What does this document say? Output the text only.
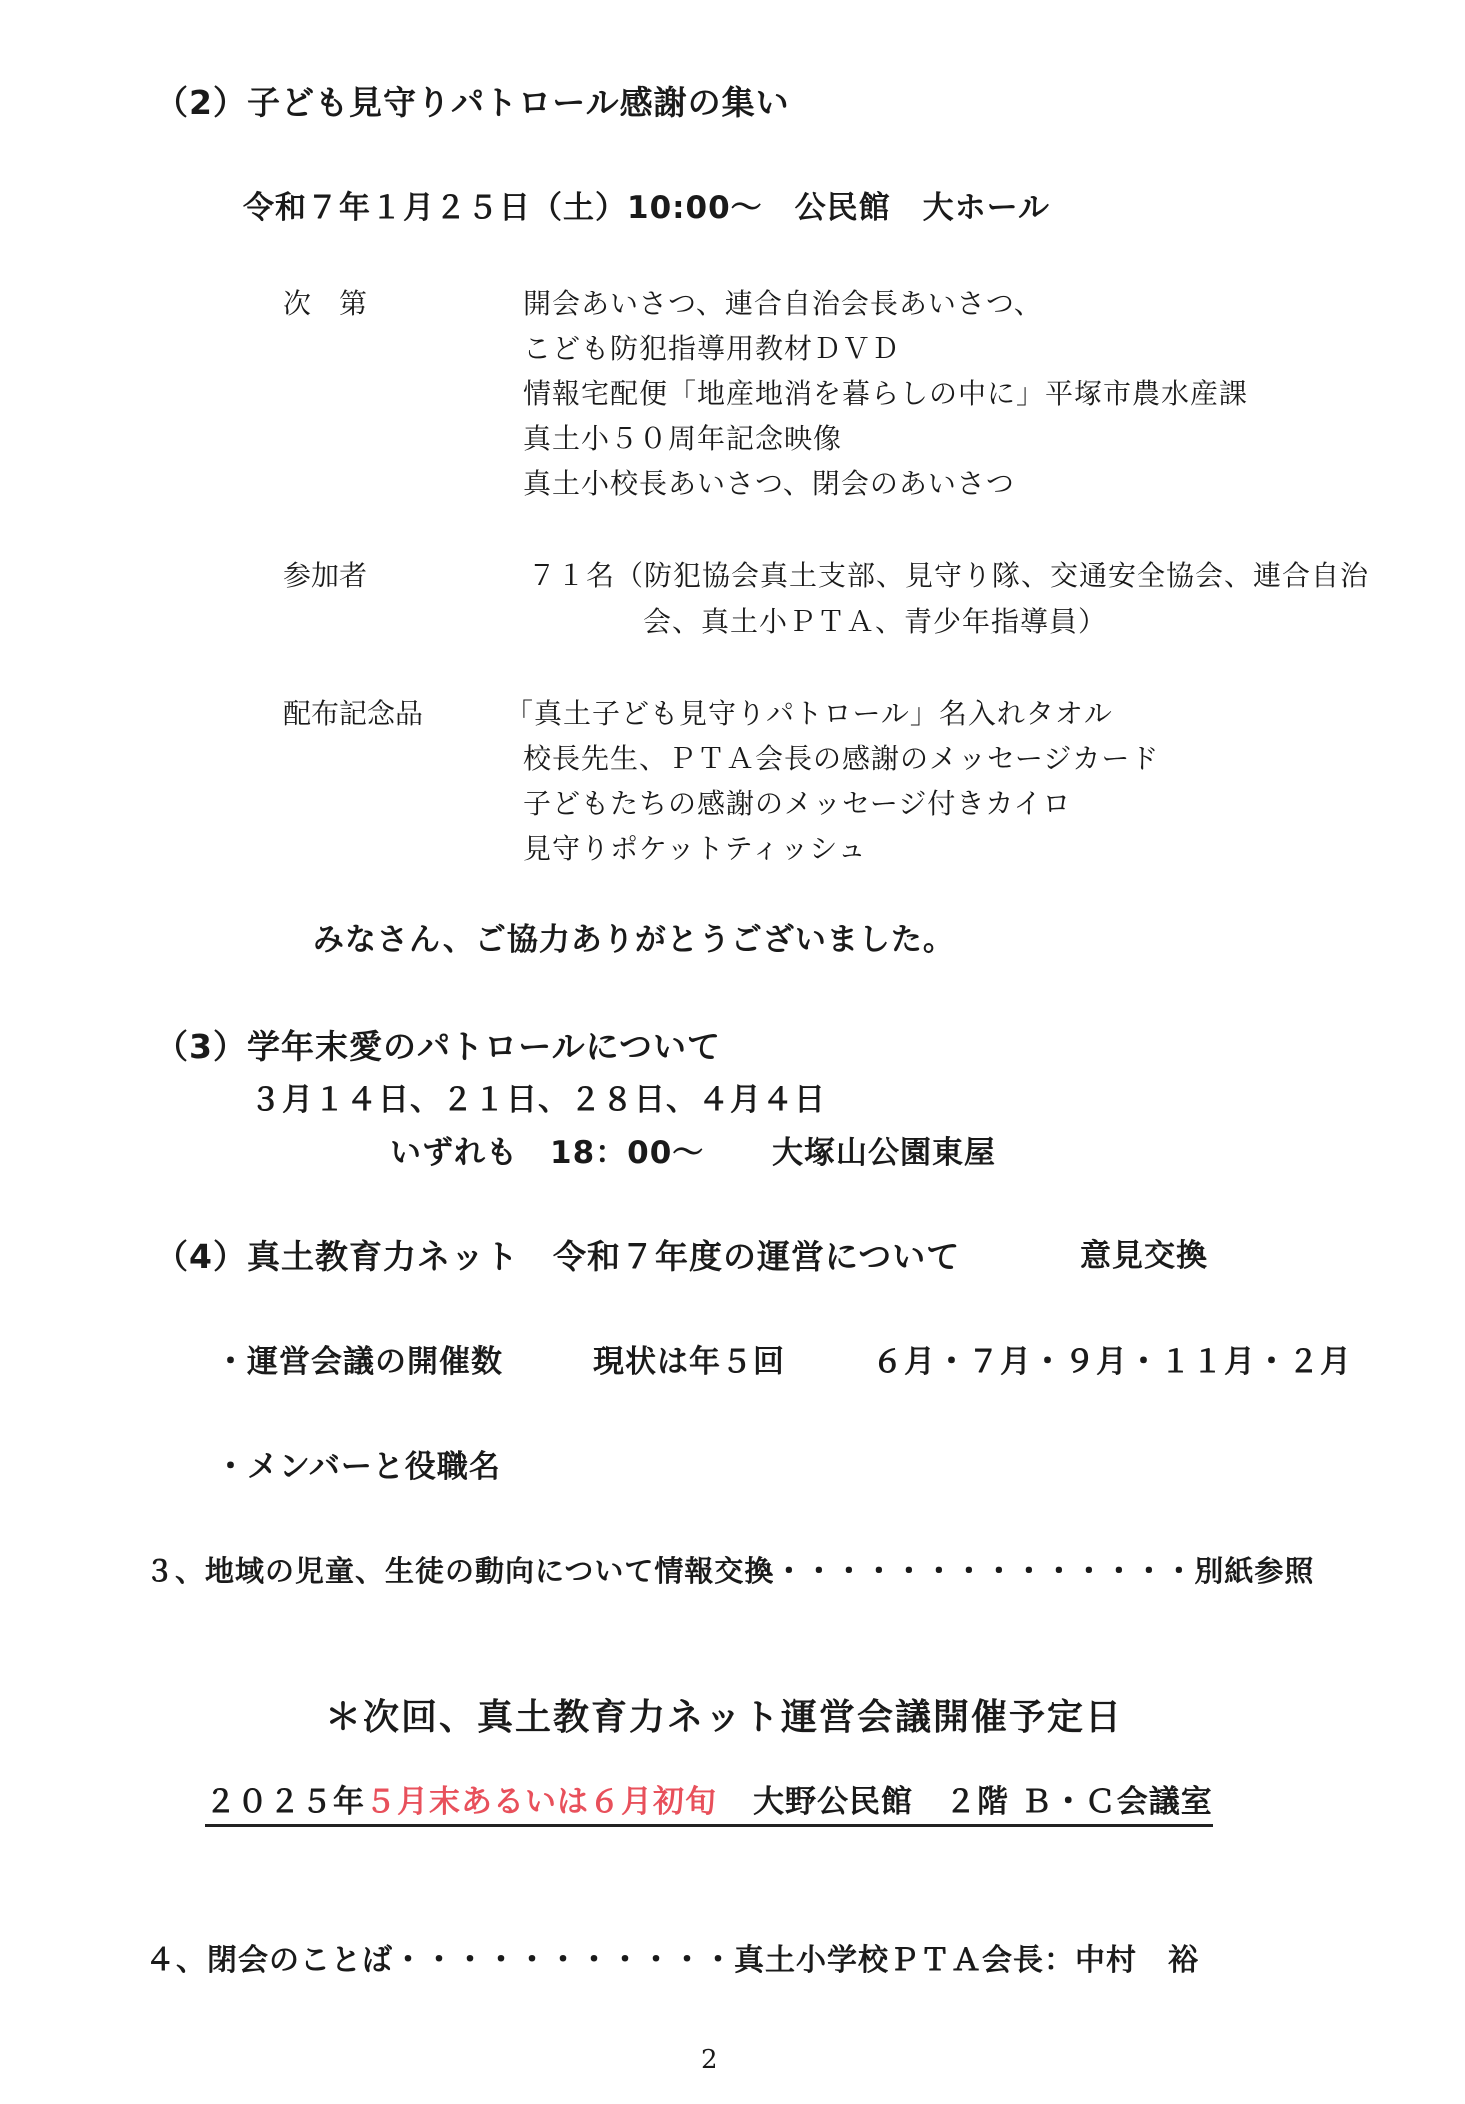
（2）子ども見守りパトロール感謝の集い
令和７年１月２５日（土）10:00～　公民館　大ホール
次　第	開会あいさつ、連合自治会長あいさつ、
こども防犯指導用教材ＤＶＤ
情報宅配便「地産地消を暮らしの中に」平塚市農水産課
真土小５０周年記念映像
真土小校長あいさつ、閉会のあいさつ
参加者	７１名（防犯協会真土支部、見守り隊、交通安全協会、連合自治
会、真土小ＰＴＡ、青少年指導員）
配布記念品	「真土子ども見守りパトロール」名入れタオル
校長先生、ＰＴＡ会長の感謝のメッセージカード
子どもたちの感謝のメッセージ付きカイロ
見守りポケットティッシュ
みなさん、ご協力ありがとうございました。
（3）学年末愛のパトロールについて
３月１４日、２１日、２８日、４月４日
いずれも　18：00～ 大塚山公園東屋
（4）真土教育力ネット　令和７年度の運営について	意見交換
・運営会議の開催数	現状は年５回	６月・７月・９月・１１月・２月
・メンバーと役職名
３、地域の児童、生徒の動向について情報交換・・・・・・・・・・・・・・別紙参照
＊次回、真土教育力ネット運営会議開催予定日
２０２５年５月末あるいは６月初旬 大野公民館　２階 Ｂ・Ｃ会議室
４、閉会のことば・・・・・・・・・・・真土小学校ＰＴＡ会長：中村　裕
2
